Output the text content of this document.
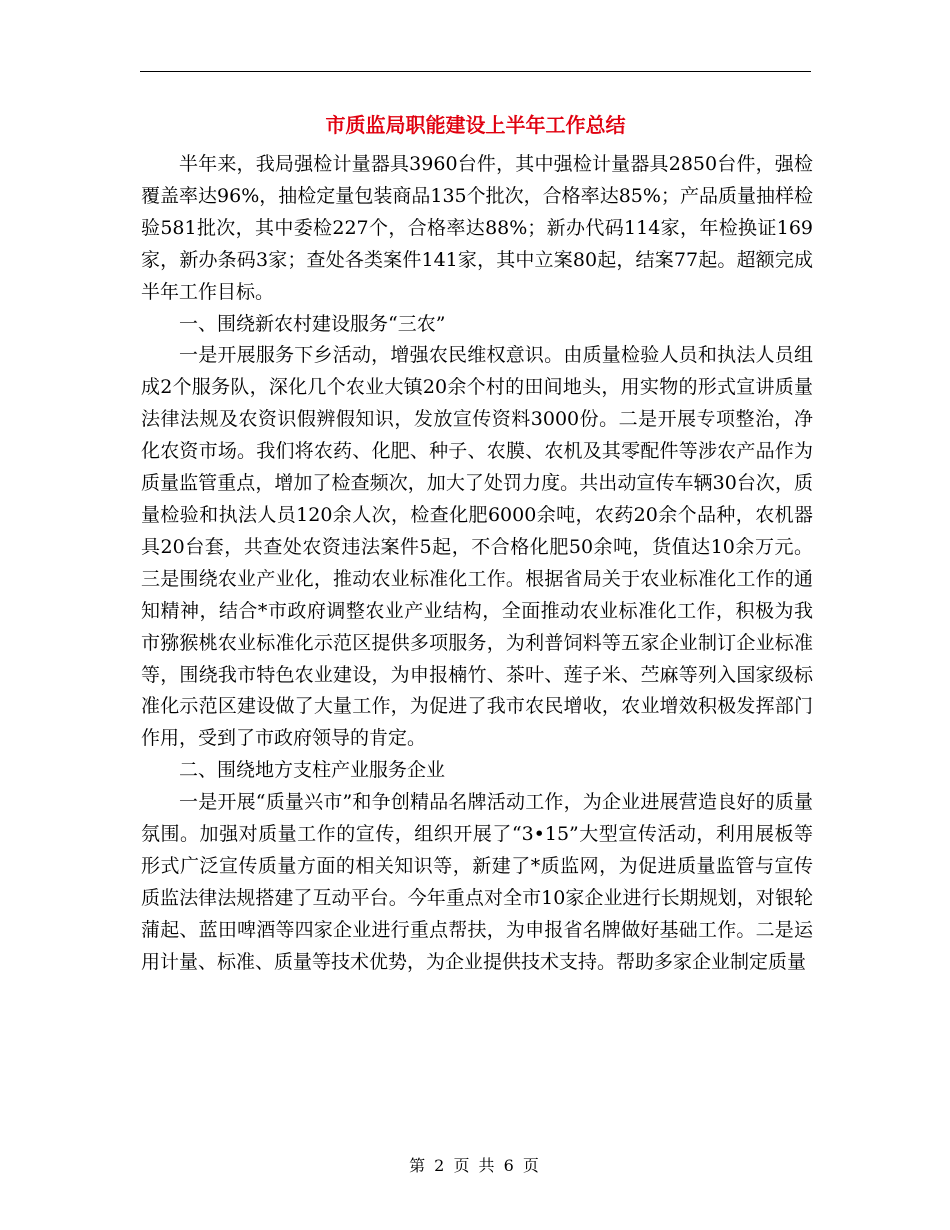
市质监局职能建设上半年工作总结

半年来，我局强检计量器具3960台件，其中强检计量器具2850台件，强检覆盖率达96%，抽检定量包装商品135个批次，合格率达85%；产品质量抽样检验581批次，其中委检227个，合格率达88%；新办代码114家，年检换证169家，新办条码3家；查处各类案件141家，其中立案80起，结案77起。超额完成半年工作目标。

一、围绕新农村建设服务“三农”

一是开展服务下乡活动，增强农民维权意识。由质量检验人员和执法人员组成2个服务队，深化几个农业大镇20余个村的田间地头，用实物的形式宣讲质量法律法规及农资识假辨假知识，发放宣传资料3000份。二是开展专项整治，净化农资市场。我们将农药、化肥、种子、农膜、农机及其零配件等涉农产品作为质量监管重点，增加了检查频次，加大了处罚力度。共出动宣传车辆30台次，质量检验和执法人员120余人次，检查化肥6000余吨，农药20余个品种，农机器具20台套，共查处农资违法案件5起，不合格化肥50余吨，货值达10余万元。三是围绕农业产业化，推动农业标准化工作。根据省局关于农业标准化工作的通知精神，结合*市政府调整农业产业结构，全面推动农业标准化工作，积极为我市猕猴桃农业标准化示范区提供多项服务，为利普饲料等五家企业制订企业标准等，围绕我市特色农业建设，为申报楠竹、茶叶、莲子米、苎麻等列入国家级标准化示范区建设做了大量工作，为促进了我市农民增收，农业增效积极发挥部门作用，受到了市政府领导的肯定。

二、围绕地方支柱产业服务企业

一是开展“质量兴市”和争创精品名牌活动工作，为企业进展营造良好的质量氛围。加强对质量工作的宣传，组织开展了“3•15”大型宣传活动，利用展板等形式广泛宣传质量方面的相关知识等，新建了*质监网，为促进质量监管与宣传质监法律法规搭建了互动平台。今年重点对全市10家企业进行长期规划，对银轮蒲起、蓝田啤酒等四家企业进行重点帮扶，为申报省名牌做好基础工作。二是运用计量、标准、质量等技术优势，为企业提供技术支持。帮助多家企业制定质量

第 2 页 共 6 页
